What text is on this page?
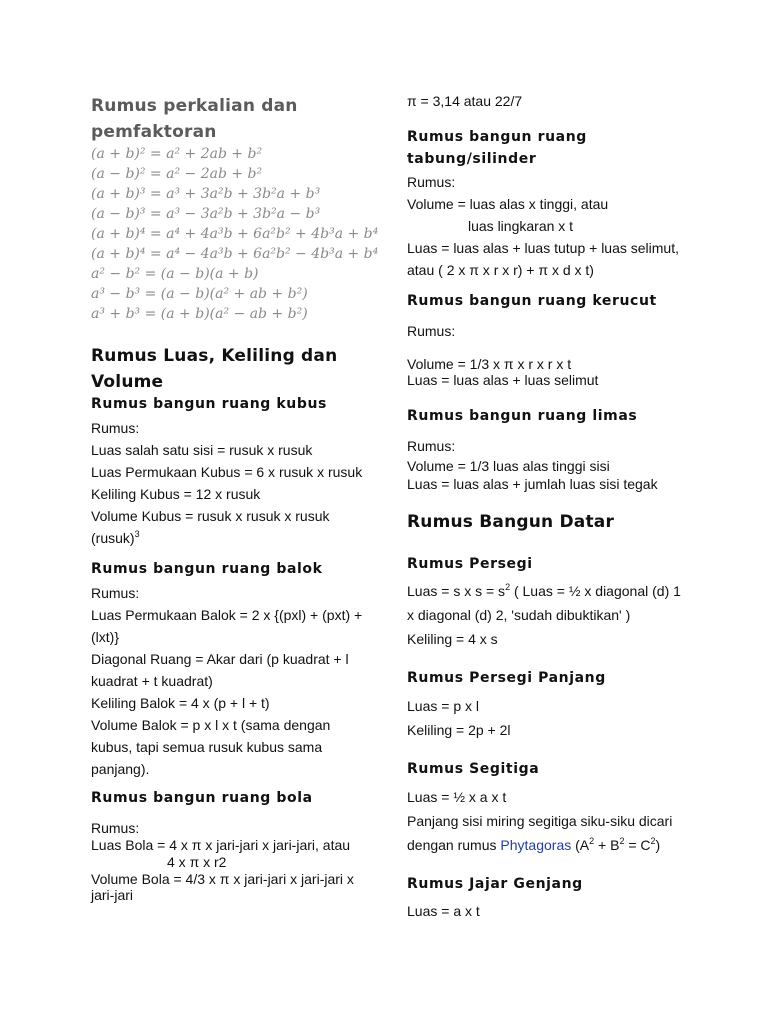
Rumus perkalian dan
pemfaktoran
(a + b)² = a² + 2ab + b²
(a − b)² = a² − 2ab + b²
(a + b)³ = a³ + 3a²b + 3b²a + b³
(a − b)³ = a³ − 3a²b + 3b²a − b³
(a + b)⁴ = a⁴ + 4a³b + 6a²b² + 4b³a + b⁴
(a + b)⁴ = a⁴ − 4a³b + 6a²b² − 4b³a + b⁴
a² − b² = (a − b)(a + b)
a³ − b³ = (a − b)(a² + ab + b²)
a³ + b³ = (a + b)(a² − ab + b²)
Rumus Luas, Keliling dan
Volume
Rumus bangun ruang kubus
Rumus:
Luas salah satu sisi = rusuk x rusuk
Luas Permukaan Kubus = 6 x rusuk x rusuk
Keliling Kubus = 12 x rusuk
Volume Kubus = rusuk x rusuk x rusuk
(rusuk)$^3$
Rumus bangun ruang balok
Rumus:
Luas Permukaan Balok = 2 x {(pxl) + (pxt) +
(lxt)}
Diagonal Ruang = Akar dari (p kuadrat + l
kuadrat + t kuadrat)
Keliling Balok = 4 x (p + l + t)
Volume Balok = p x l x t (sama dengan
kubus, tapi semua rusuk kubus sama
panjang).
Rumus bangun ruang bola
Rumus:
Luas Bola = 4 x π x jari-jari x jari-jari, atau
4 x π x r2
Volume Bola = 4/3 x π x jari-jari x jari-jari x
jari-jari
π = 3,14 atau 22/7
Rumus bangun ruang
tabung/silinder
Rumus:
Volume = luas alas x tinggi, atau
luas lingkaran x t
Luas = luas alas + luas tutup + luas selimut,
atau ( 2 x π x r x r) + π x d x t)
Rumus bangun ruang kerucut
Rumus:
Volume = 1/3 x π x r x r x t
Luas = luas alas + luas selimut
Rumus bangun ruang limas
Rumus:
Volume = 1/3 luas alas tinggi sisi
Luas = luas alas + jumlah luas sisi tegak
Rumus Bangun Datar
Rumus Persegi
Luas = s x $s = s^2$ ( Luas = ½ x diagonal (d) 1
x diagonal (d) 2, 'sudah dibuktikan' )
Keliling = 4 x s
Rumus Persegi Panjang
Luas = p x l
Keliling = 2p + 2l
Rumus Segitiga
Luas = ½ x a x t
Panjang sisi miring segitiga siku-siku dicari
dengan rumus Phytagoras $(A^2 + B^2 = C^2)$
Rumus Jajar Genjang
Luas = a x t
